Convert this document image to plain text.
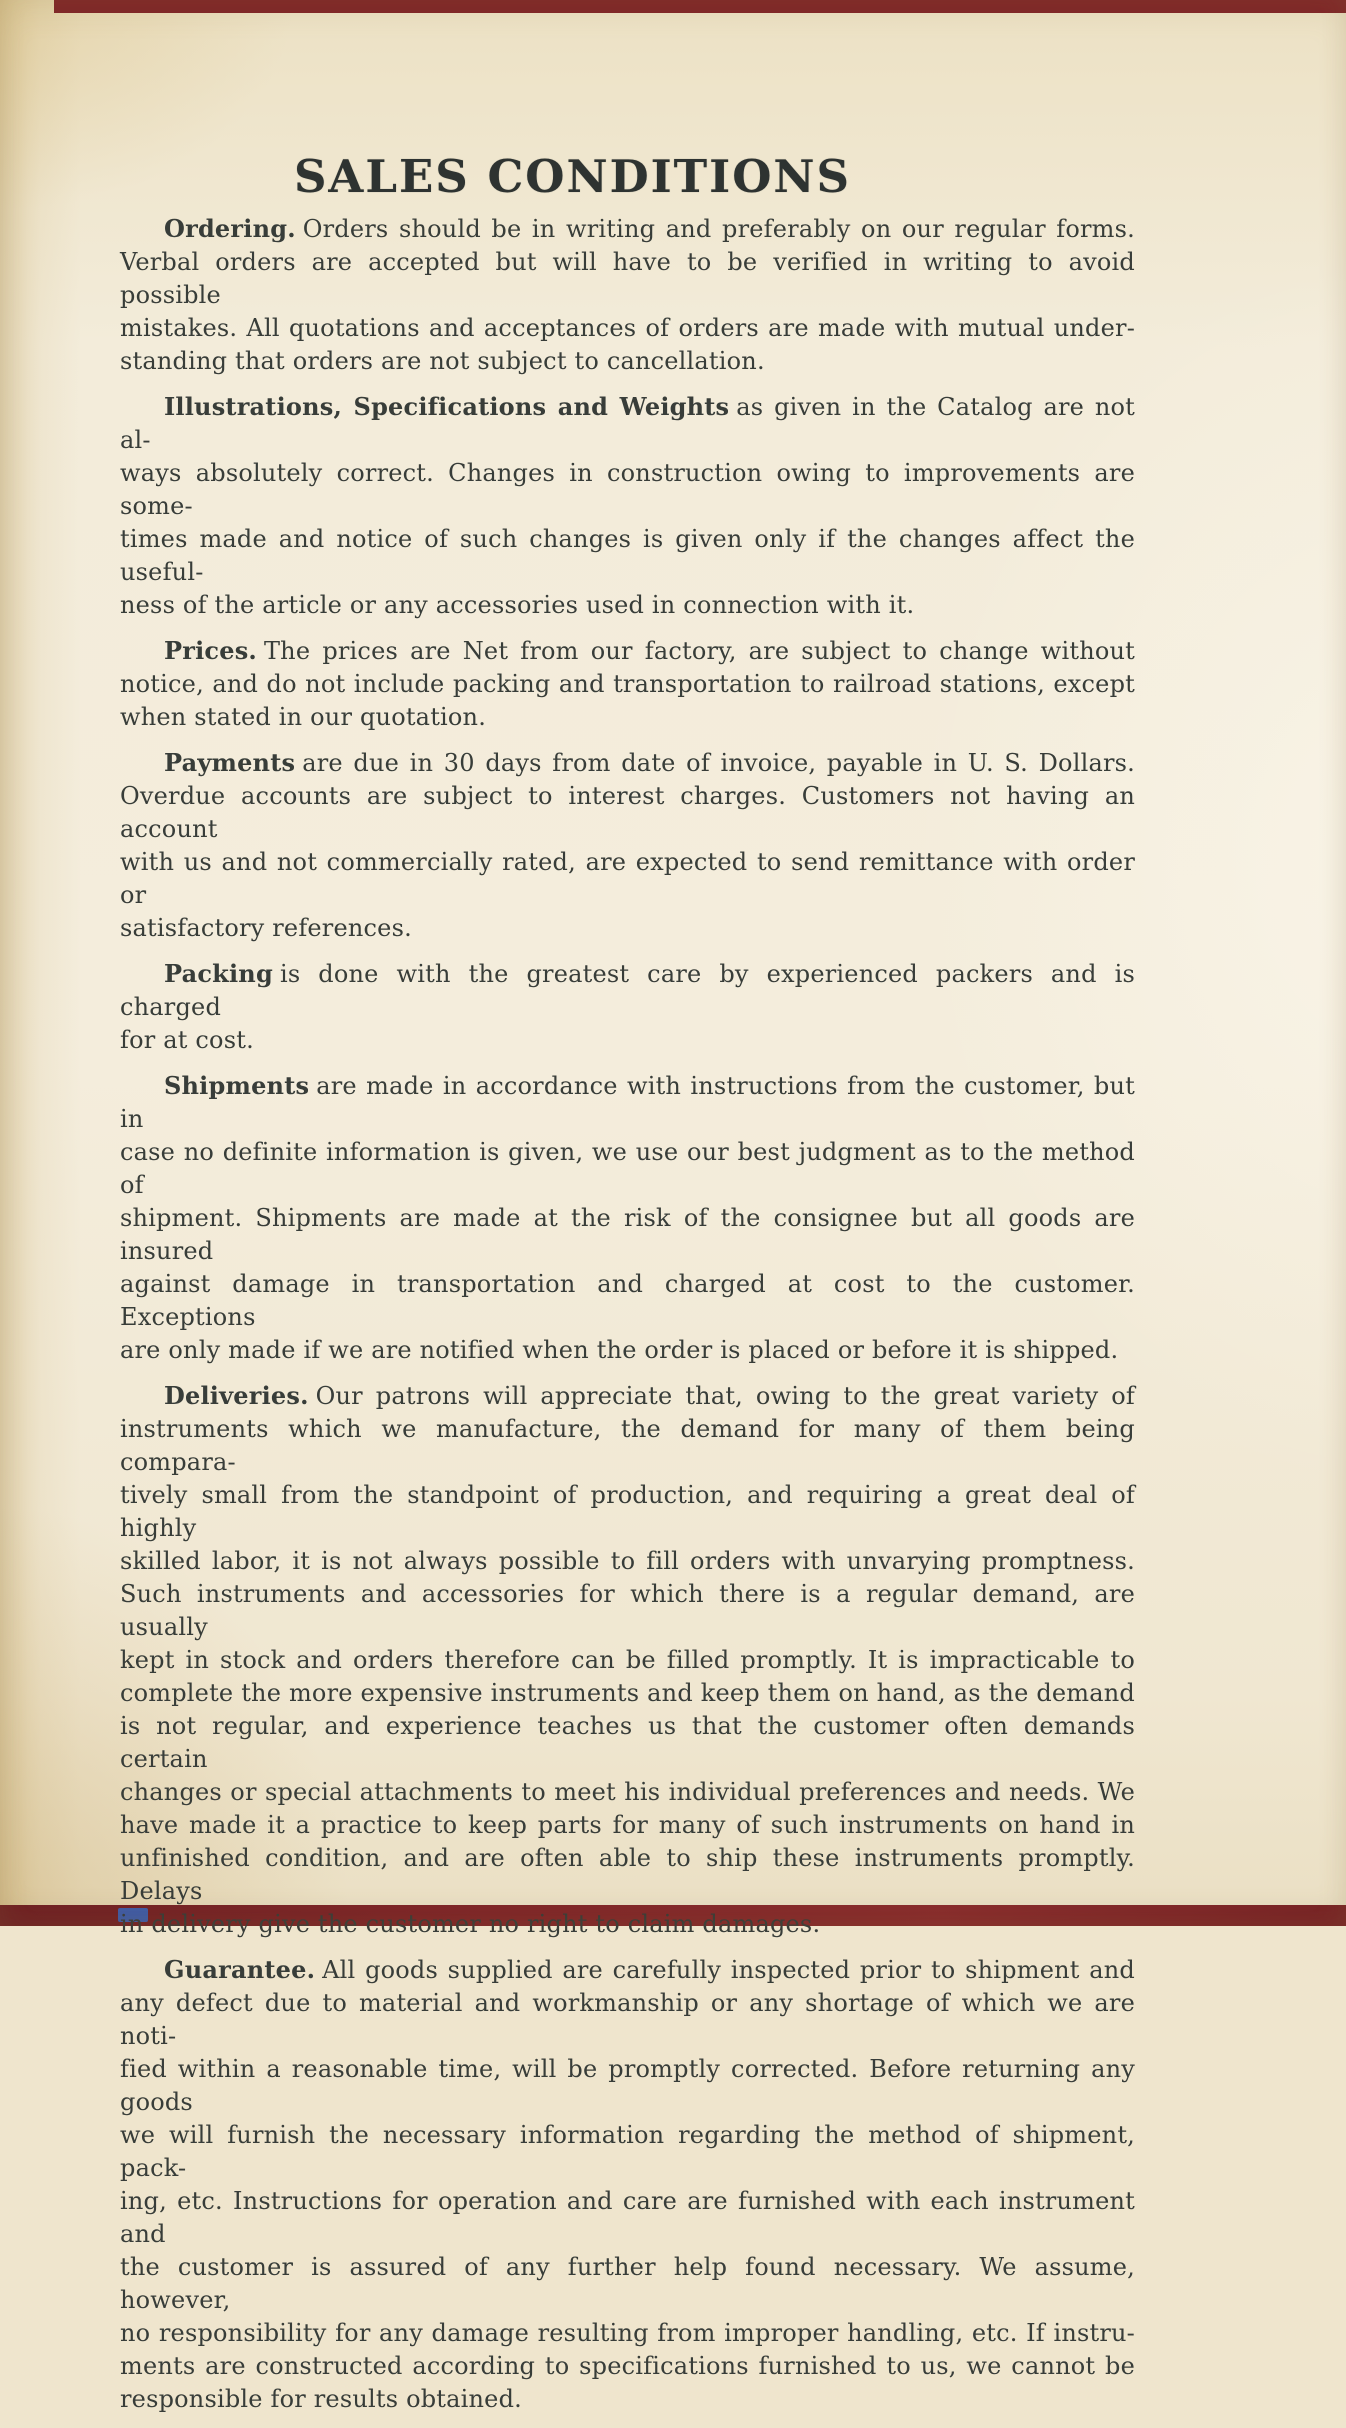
SALES CONDITIONS
Ordering. Orders should be in writing and preferably on our regular forms.
Verbal orders are accepted but will have to be verified in writing to avoid possible
mistakes. All quotations and acceptances of orders are made with mutual under-
standing that orders are not subject to cancellation.
Illustrations, Specifications and Weights as given in the Catalog are not al-
ways absolutely correct. Changes in construction owing to improvements are some-
times made and notice of such changes is given only if the changes affect the useful-
ness of the article or any accessories used in connection with it.
Prices. The prices are Net from our factory, are subject to change without
notice, and do not include packing and transportation to railroad stations, except
when stated in our quotation.
Payments are due in 30 days from date of invoice, payable in U. S. Dollars.
Overdue accounts are subject to interest charges. Customers not having an account
with us and not commercially rated, are expected to send remittance with order or
satisfactory references.
Packing is done with the greatest care by experienced packers and is charged
for at cost.
Shipments are made in accordance with instructions from the customer, but in
case no definite information is given, we use our best judgment as to the method of
shipment. Shipments are made at the risk of the consignee but all goods are insured
against damage in transportation and charged at cost to the customer. Exceptions
are only made if we are notified when the order is placed or before it is shipped.
Deliveries. Our patrons will appreciate that, owing to the great variety of
instruments which we manufacture, the demand for many of them being compara-
tively small from the standpoint of production, and requiring a great deal of highly
skilled labor, it is not always possible to fill orders with unvarying promptness.
Such instruments and accessories for which there is a regular demand, are usually
kept in stock and orders therefore can be filled promptly. It is impracticable to
complete the more expensive instruments and keep them on hand, as the demand
is not regular, and experience teaches us that the customer often demands certain
changes or special attachments to meet his individual preferences and needs. We
have made it a practice to keep parts for many of such instruments on hand in
unfinished condition, and are often able to ship these instruments promptly. Delays
in delivery give the customer no right to claim damages.
Guarantee. All goods supplied are carefully inspected prior to shipment and
any defect due to material and workmanship or any shortage of which we are noti-
fied within a reasonable time, will be promptly corrected. Before returning any goods
we will furnish the necessary information regarding the method of shipment, pack-
ing, etc. Instructions for operation and care are furnished with each instrument and
the customer is assured of any further help found necessary. We assume, however,
no responsibility for any damage resulting from improper handling, etc. If instru-
ments are constructed according to specifications furnished to us, we cannot be
responsible for results obtained.
